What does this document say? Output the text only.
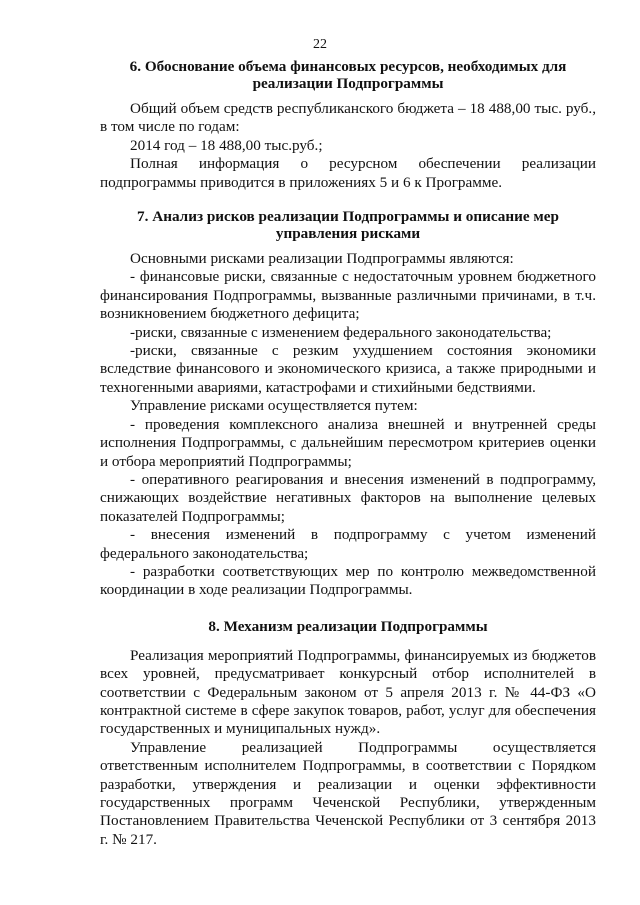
22
6. Обоснование объема финансовых ресурсов, необходимых для
реализации Подпрограммы

Общий объем средств республиканского бюджета – 18 488,00 тыс. руб., в том числе по годам:

2014 год – 18 488,00 тыс.руб.;

Полная информация о ресурсном обеспечении реализации подпрограммы приводится в приложениях 5 и 6 к Программе.

7. Анализ рисков реализации Подпрограммы и описание мер
управления рисками

Основными рисками реализации Подпрограммы являются:

- финансовые риски, связанные с недостаточным уровнем бюджетного финансирования Подпрограммы, вызванные различными причинами, в т.ч. возникновением бюджетного дефицита;

-риски, связанные с изменением федерального законодательства;

-риски, связанные с резким ухудшением состояния экономики вследствие финансового и экономического кризиса, а также природными и техногенными авариями, катастрофами и стихийными бедствиями.

Управление рисками осуществляется путем:

- проведения комплексного анализа внешней и внутренней среды исполнения Подпрограммы, с дальнейшим пересмотром критериев оценки и отбора мероприятий Подпрограммы;

- оперативного реагирования и внесения изменений в подпрограмму, снижающих воздействие негативных факторов на выполнение целевых показателей Подпрограммы;

- внесения изменений в подпрограмму с учетом изменений федерального законодательства;

- разработки соответствующих мер по контролю межведомственной координации в ходе реализации Подпрограммы.

8. Механизм реализации Подпрограммы

Реализация мероприятий Подпрограммы, финансируемых из бюджетов всех уровней, предусматривает конкурсный отбор исполнителей в соответствии с Федеральным законом от 5 апреля 2013 г. № 44-ФЗ «О контрактной системе в сфере закупок товаров, работ, услуг для обеспечения государственных и муниципальных нужд».

Управление реализацией Подпрограммы осуществляется ответственным исполнителем Подпрограммы, в соответствии с Порядком разработки, утверждения и реализации и оценки эффективности государственных программ Чеченской Республики, утвержденным Постановлением Правительства Чеченской Республики от 3 сентября 2013 г. № 217.
